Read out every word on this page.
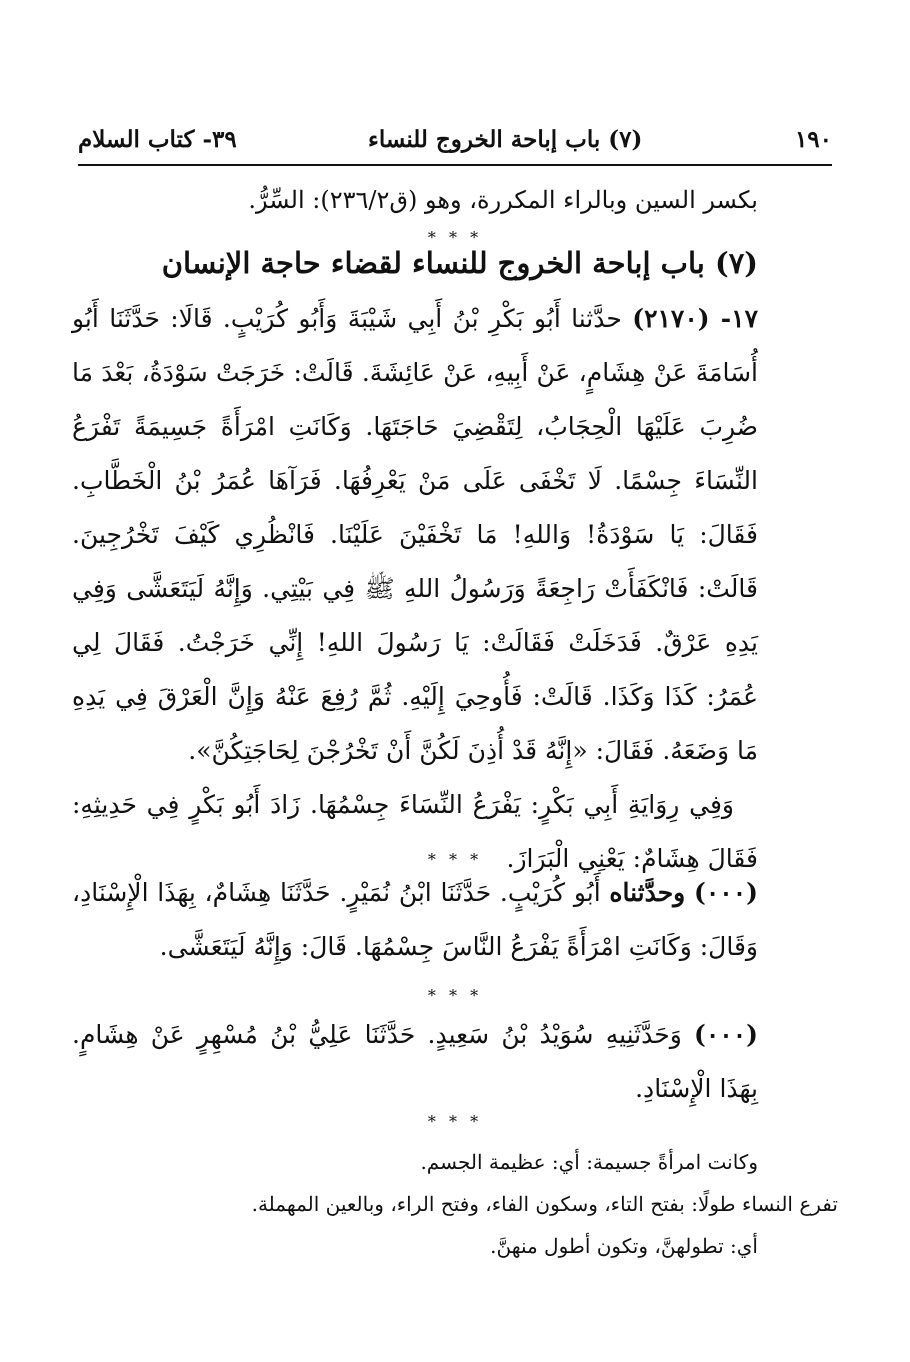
١٩٠
(٧) باب إباحة الخروج للنساء
٣٩- كتاب السلام
بكسر السين وبالراء المكررة، وهو (ق٢٣٦/٢): السِّرُّ.
* * *
(٧) باب إباحة الخروج للنساء لقضاء حاجة الإنسان

١٧- (٢١٧٠) حدَّثنا أَبُو بَكْرِ بْنُ أَبِي شَيْبَةَ وَأَبُو كُرَيْبٍ. قَالَا: حَدَّثَنَا أَبُو أُسَامَةَ عَنْ هِشَامٍ، عَنْ أَبِيهِ، عَنْ عَائِشَةَ. قَالَتْ: خَرَجَتْ سَوْدَةُ، بَعْدَ مَا ضُرِبَ عَلَيْهَا الْحِجَابُ، لِتَقْضِيَ حَاجَتَهَا. وَكَانَتِ امْرَأَةً جَسِيمَةً تَفْرَعُ النِّسَاءَ جِسْمًا. لَا تَخْفَى عَلَى مَنْ يَعْرِفُهَا. فَرَآهَا عُمَرُ بْنُ الْخَطَّابِ. فَقَالَ: يَا سَوْدَةُ! وَاللهِ! مَا تَخْفَيْنَ عَلَيْنَا. فَانْظُرِي كَيْفَ تَخْرُجِينَ. قَالَتْ: فَانْكَفَأَتْ رَاجِعَةً وَرَسُولُ اللهِ ﷺ فِي بَيْتِي. وَإِنَّهُ لَيَتَعَشَّى وَفِي يَدِهِ عَرْقٌ. فَدَخَلَتْ فَقَالَتْ: يَا رَسُولَ اللهِ! إِنِّي خَرَجْتُ. فَقَالَ لِي عُمَرُ: كَذَا وَكَذَا. قَالَتْ: فَأُوحِيَ إِلَيْهِ. ثُمَّ رُفِعَ عَنْهُ وَإِنَّ الْعَرْقَ فِي يَدِهِ مَا وَضَعَهُ. فَقَالَ: «إِنَّهُ قَدْ أُذِنَ لَكُنَّ أَنْ تَخْرُجْنَ لِحَاجَتِكُنَّ».

وَفِي رِوَايَةِ أَبِي بَكْرٍ: يَفْرَعُ النِّسَاءَ جِسْمُهَا. زَادَ أَبُو بَكْرٍ فِي حَدِيثِهِ: فَقَالَ هِشَامٌ: يَعْنِي الْبَرَازَ.

* * *

(٠٠٠) وحدَّثناه أَبُو كُرَيْبٍ. حَدَّثَنَا ابْنُ نُمَيْرٍ. حَدَّثَنَا هِشَامٌ، بِهَذَا الْإِسْنَادِ، وَقَالَ: وَكَانَتِ امْرَأَةً يَفْرَعُ النَّاسَ جِسْمُهَا. قَالَ: وَإِنَّهُ لَيَتَعَشَّى.

* * *

(٠٠٠) وَحَدَّثَنِيهِ سُوَيْدُ بْنُ سَعِيدٍ. حَدَّثَنَا عَلِيُّ بْنُ مُسْهِرٍ عَنْ هِشَامٍ. بِهَذَا الْإِسْنَادِ.

* * *
وكانت امرأةً جسيمة: أي: عظيمة الجسم.
تفرع النساء طولًا: بفتح التاء، وسكون الفاء، وفتح الراء، وبالعين المهملة.
أي: تطولهنَّ، وتكون أطول منهنَّ.
